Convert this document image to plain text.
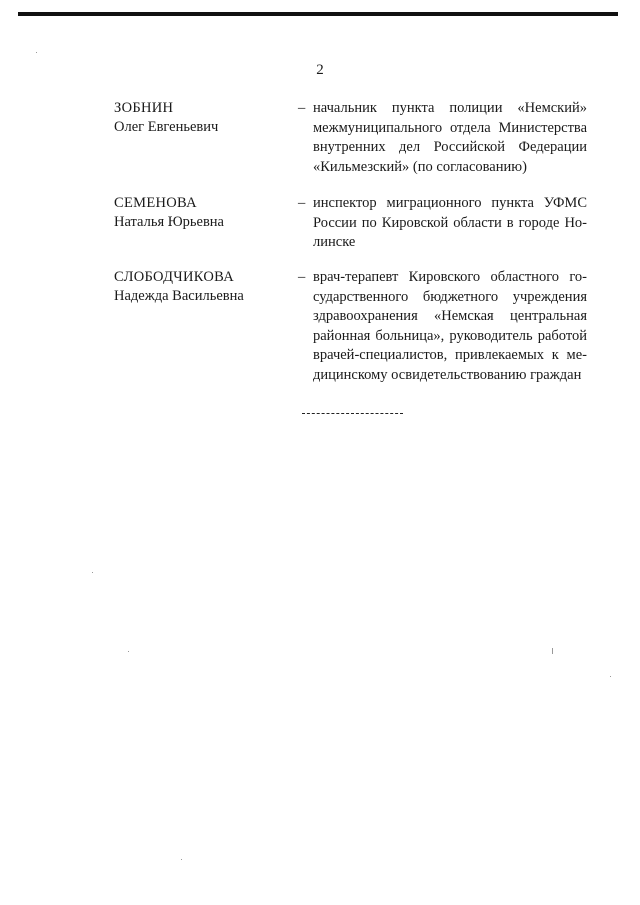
2
ЗОБНИН
Олег Евгеньевич
– начальник пункта полиции «Немский»
межмуниципального отдела Министерства
внутренних дел Российской Федерации
«Кильмезский» (по согласованию)
СЕМЕНОВА
Наталья Юрьевна
– инспектор миграционного пункта УФМС
России по Кировской области в городе Но-
линске
СЛОБОДЧИКОВА
Надежда Васильевна
– врач-терапевт Кировского областного го-
сударственного бюджетного учреждения
здравоохранения «Немская центральная
районная больница», руководитель работой
врачей-специалистов, привлекаемых к ме-
дицинскому освидетельствованию граждан
